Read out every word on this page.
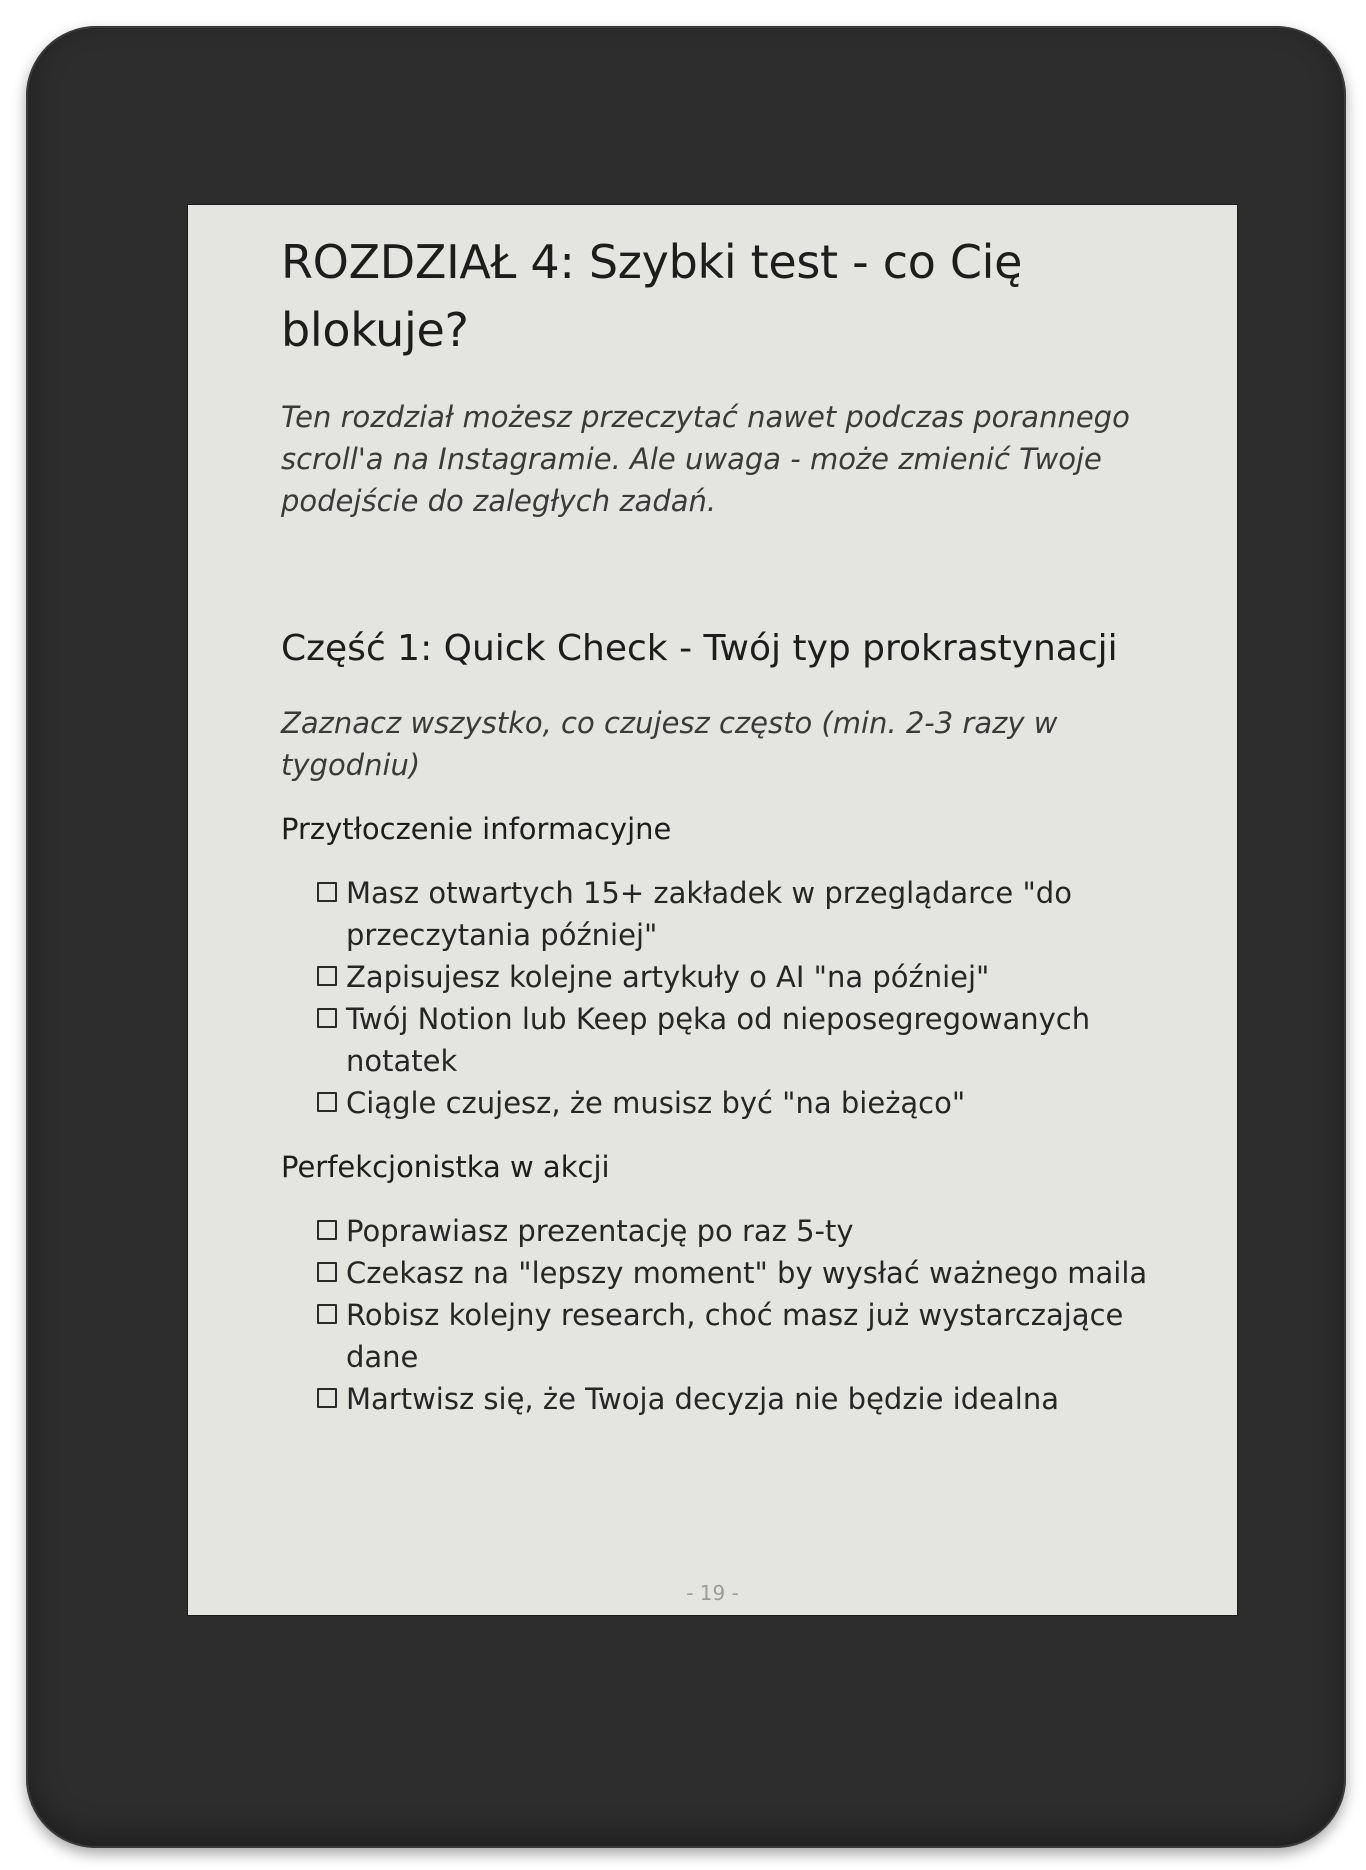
ROZDZIAŁ 4: Szybki test - co Cię blokuje?

Ten rozdział możesz przeczytać nawet podczas porannego scroll'a na Instagramie. Ale uwaga - może zmienić Twoje podejście do zaległych zadań.

Część 1: Quick Check - Twój typ prokrastynacji

Zaznacz wszystko, co czujesz często (min. 2-3 razy w tygodniu)

Przytłoczenie informacyjne
Masz otwartych 15+ zakładek w przeglądarce "do przeczytania później"
Zapisujesz kolejne artykuły o AI "na później"
Twój Notion lub Keep pęka od nieposegregowanych notatek
Ciągle czujesz, że musisz być "na bieżąco"
Perfekcjonistka w akcji
Poprawiasz prezentację po raz 5-ty
Czekasz na "lepszy moment" by wysłać ważnego maila
Robisz kolejny research, choć masz już wystarczające dane
Martwisz się, że Twoja decyzja nie będzie idealna
- 19 -
